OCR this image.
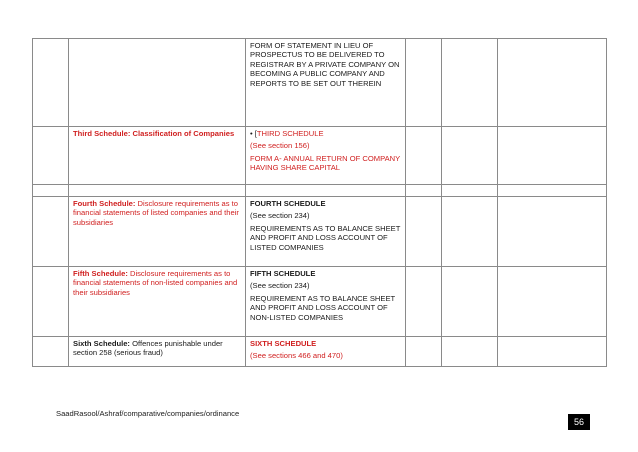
		FORM OF STATEMENT IN LIEU OF PROSPECTUS TO BE DELIVERED TO REGISTRAR BY A PRIVATE COMPANY ON BECOMING A PUBLIC COMPANY AND REPORTS TO BE SET OUT THEREIN			
	Third Schedule: Classification of Companies	• [THIRD SCHEDULE
(See section 156)
FORM A- ANNUAL RETURN OF COMPANY HAVING SHARE CAPITAL			

	Fourth Schedule: Disclosure requirements as to financial statements of listed companies and their subsidiaries	FOURTH SCHEDULE
(See section 234)
REQUIREMENTS AS TO BALANCE SHEET AND PROFIT AND LOSS ACCOUNT OF LISTED COMPANIES			

	Fifth Schedule: Disclosure requirements as to financial statements of non-listed companies and their subsidiaries	FIFTH SCHEDULE
(See section 234)
REQUIREMENT AS TO BALANCE SHEET AND PROFIT AND LOSS ACCOUNT OF NON-LISTED COMPANIES			

	Sixth Schedule: Offences punishable under section 258 (serious fraud)	SIXTH SCHEDULE
(See sections 466 and 470)			

SaadRasool/Ashraf/comparative/companies/ordinance
56
